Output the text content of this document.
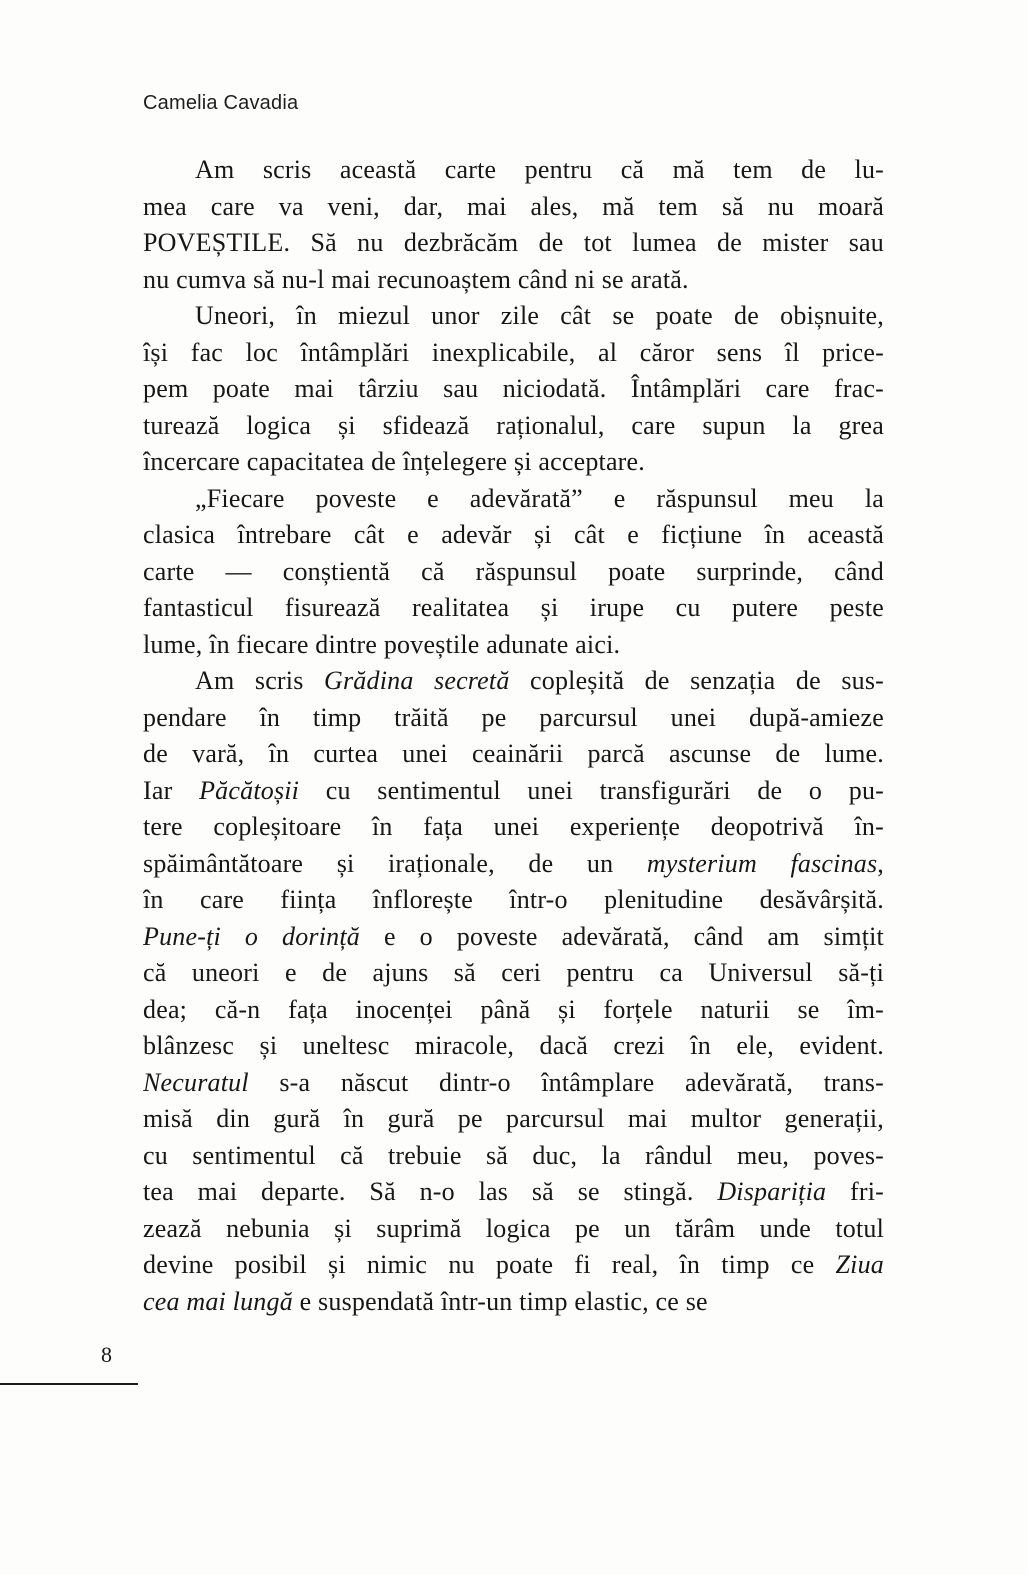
Camelia Cavadia
Am scris această carte pentru că mă tem de lu-
mea care va veni, dar, mai ales, mă tem să nu moară
POVEȘTILE. Să nu dezbrăcăm de tot lumea de mister sau
nu cumva să nu-l mai recunoaștem când ni se arată.
Uneori, în miezul unor zile cât se poate de obișnuite,
își fac loc întâmplări inexplicabile, al căror sens îl price-
pem poate mai târziu sau niciodată. Întâmplări care frac-
turează logica și sfidează raționalul, care supun la grea
încercare capacitatea de înțelegere și acceptare.
„Fiecare poveste e adevărată” e răspunsul meu la
clasica întrebare cât e adevăr și cât e ficțiune în această
carte — conștientă că răspunsul poate surprinde, când
fantasticul fisurează realitatea și irupe cu putere peste
lume, în fiecare dintre poveștile adunate aici.
Am scris Grădina secretă copleșită de senzația de sus-
pendare în timp trăită pe parcursul unei după-amieze
de vară, în curtea unei ceainării parcă ascunse de lume.
Iar Păcătoșii cu sentimentul unei transfigurări de o pu-
tere copleșitoare în fața unei experiențe deopotrivă în-
spăimântătoare și iraționale, de un mysterium fascinas,
în care ființa înflorește într-o plenitudine desăvârșită.
Pune-ți o dorință e o poveste adevărată, când am simțit
că uneori e de ajuns să ceri pentru ca Universul să-ți
dea; că-n fața inocenței până și forțele naturii se îm-
blânzesc și uneltesc miracole, dacă crezi în ele, evident.
Necuratul s-a născut dintr-o întâmplare adevărată, trans-
misă din gură în gură pe parcursul mai multor generații,
cu sentimentul că trebuie să duc, la rândul meu, poves-
tea mai departe. Să n-o las să se stingă. Dispariția fri-
zează nebunia și suprimă logica pe un tărâm unde totul
devine posibil și nimic nu poate fi real, în timp ce Ziua
cea mai lungă e suspendată într-un timp elastic, ce se
8
